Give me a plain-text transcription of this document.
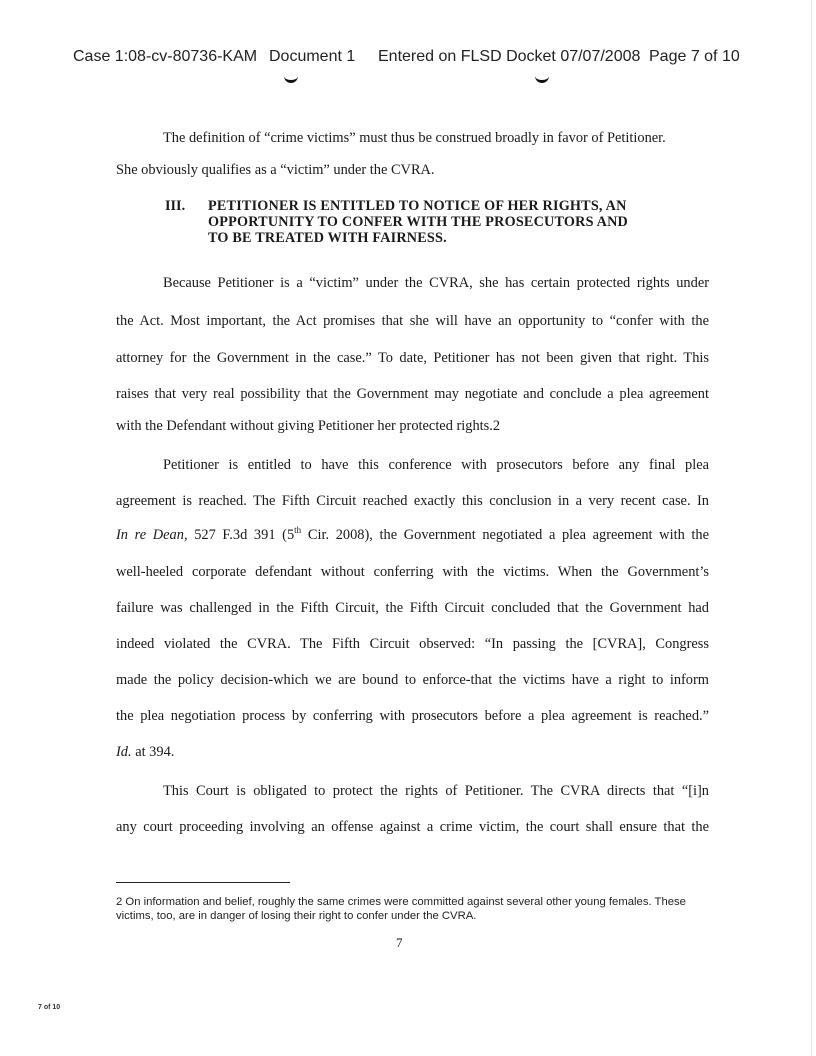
Case 1:08-cv-80736-KAM Document 1 Entered on FLSD Docket 07/07/2008 Page 7 of 10
The definition of “crime victims” must thus be construed broadly in favor of Petitioner.
She obviously qualifies as a “victim” under the CVRA.
III. PETITIONER IS ENTITLED TO NOTICE OF HER RIGHTS, AN
OPPORTUNITY TO CONFER WITH THE PROSECUTORS AND
TO BE TREATED WITH FAIRNESS.
Because Petitioner is a “victim” under the CVRA, she has certain protected rights under
the Act. Most important, the Act promises that she will have an opportunity to “confer with the
attorney for the Government in the case.” To date, Petitioner has not been given that right. This
raises that very real possibility that the Government may negotiate and conclude a plea agreement
with the Defendant without giving Petitioner her protected rights.2
Petitioner is entitled to have this conference with prosecutors before any final plea
agreement is reached. The Fifth Circuit reached exactly this conclusion in a very recent case. In
In re Dean, 527 F.3d 391 (5th Cir. 2008), the Government negotiated a plea agreement with the
well-heeled corporate defendant without conferring with the victims. When the Government’s
failure was challenged in the Fifth Circuit, the Fifth Circuit concluded that the Government had
indeed violated the CVRA. The Fifth Circuit observed: “In passing the [CVRA], Congress
made the policy decision-which we are bound to enforce-that the victims have a right to inform
the plea negotiation process by conferring with prosecutors before a plea agreement is reached.”
Id. at 394.
This Court is obligated to protect the rights of Petitioner. The CVRA directs that “[i]n
any court proceeding involving an offense against a crime victim, the court shall ensure that the
2 On information and belief, roughly the same crimes were committed against several other young females. These
victims, too, are in danger of losing their right to confer under the CVRA.
7
7 of 10
